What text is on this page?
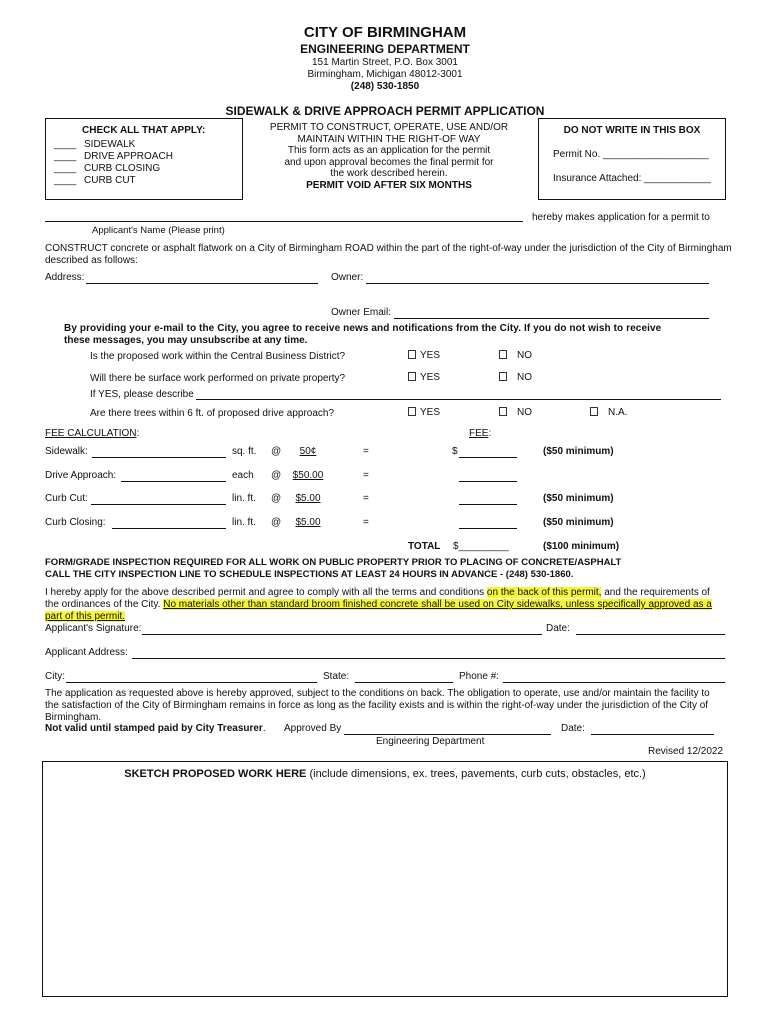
CITY OF BIRMINGHAM
ENGINEERING DEPARTMENT
151 Martin Street, P.O. Box 3001
Birmingham, Michigan 48012-3001
(248) 530-1850
SIDEWALK & DRIVE APPROACH PERMIT APPLICATION
CHECK ALL THAT APPLY:
____ SIDEWALK
____ DRIVE APPROACH
____ CURB CLOSING
____ CURB CUT
PERMIT TO CONSTRUCT, OPERATE, USE AND/OR
MAINTAIN WITHIN THE RIGHT-OF WAY
This form acts as an application for the permit
and upon approval becomes the final permit for
the work described herein.
PERMIT VOID AFTER SIX MONTHS
DO NOT WRITE IN THIS BOX
Permit No. ___________________
Insurance Attached: ____________
hereby makes application for a permit to
Applicant's Name (Please print)
CONSTRUCT concrete or asphalt flatwork on a City of Birmingham ROAD within the part of the right-of-way under the jurisdiction of the City of Birmingham
described as follows:
Address:	Owner:
Owner Email:
By providing your e-mail to the City, you agree to receive news and notifications from the City. If you do not wish to receive
these messages, you may unsubscribe at any time.
Is the proposed work within the Central Business District?	YES	NO
Will there be surface work performed on private property?	YES	NO
If YES, please describe
Are there trees within 6 ft. of proposed drive approach?	YES	NO	N.A.
FEE CALCULATION:	FEE:
Sidewalk:	sq. ft. @	50¢	=	$	($50 minimum)
Drive Approach:	each @	$50.00	=
Curb Cut:	lin. ft. @	$5.00	=	($50 minimum)
Curb Closing:	lin. ft. @	$5.00	=	($50 minimum)
TOTAL $_________	($100 minimum)
FORM/GRADE INSPECTION REQUIRED FOR ALL WORK ON PUBLIC PROPERTY PRIOR TO PLACING OF CONCRETE/ASPHALT
CALL THE CITY INSPECTION LINE TO SCHEDULE INSPECTIONS AT LEAST 24 HOURS IN ADVANCE - (248) 530-1860.
I hereby apply for the above described permit and agree to comply with all the terms and conditions on the back of this permit, and the requirements of
the ordinances of the City. No materials other than standard broom finished concrete shall be used on City sidewalks, unless specifically approved as a
part of this permit.
Applicant's Signature:	Date:
Applicant Address:
City:	State:	Phone #:
The application as requested above is hereby approved, subject to the conditions on back. The obligation to operate, use and/or maintain the facility to
the satisfaction of the City of Birmingham remains in force as long as the facility exists and is within the right-of-way under the jurisdiction of the City of
Birmingham.
Not valid until stamped paid by City Treasurer. Approved By	Date:
Engineering Department
Revised 12/2022
SKETCH PROPOSED WORK HERE (include dimensions, ex. trees, pavements, curb cuts, obstacles, etc.)
